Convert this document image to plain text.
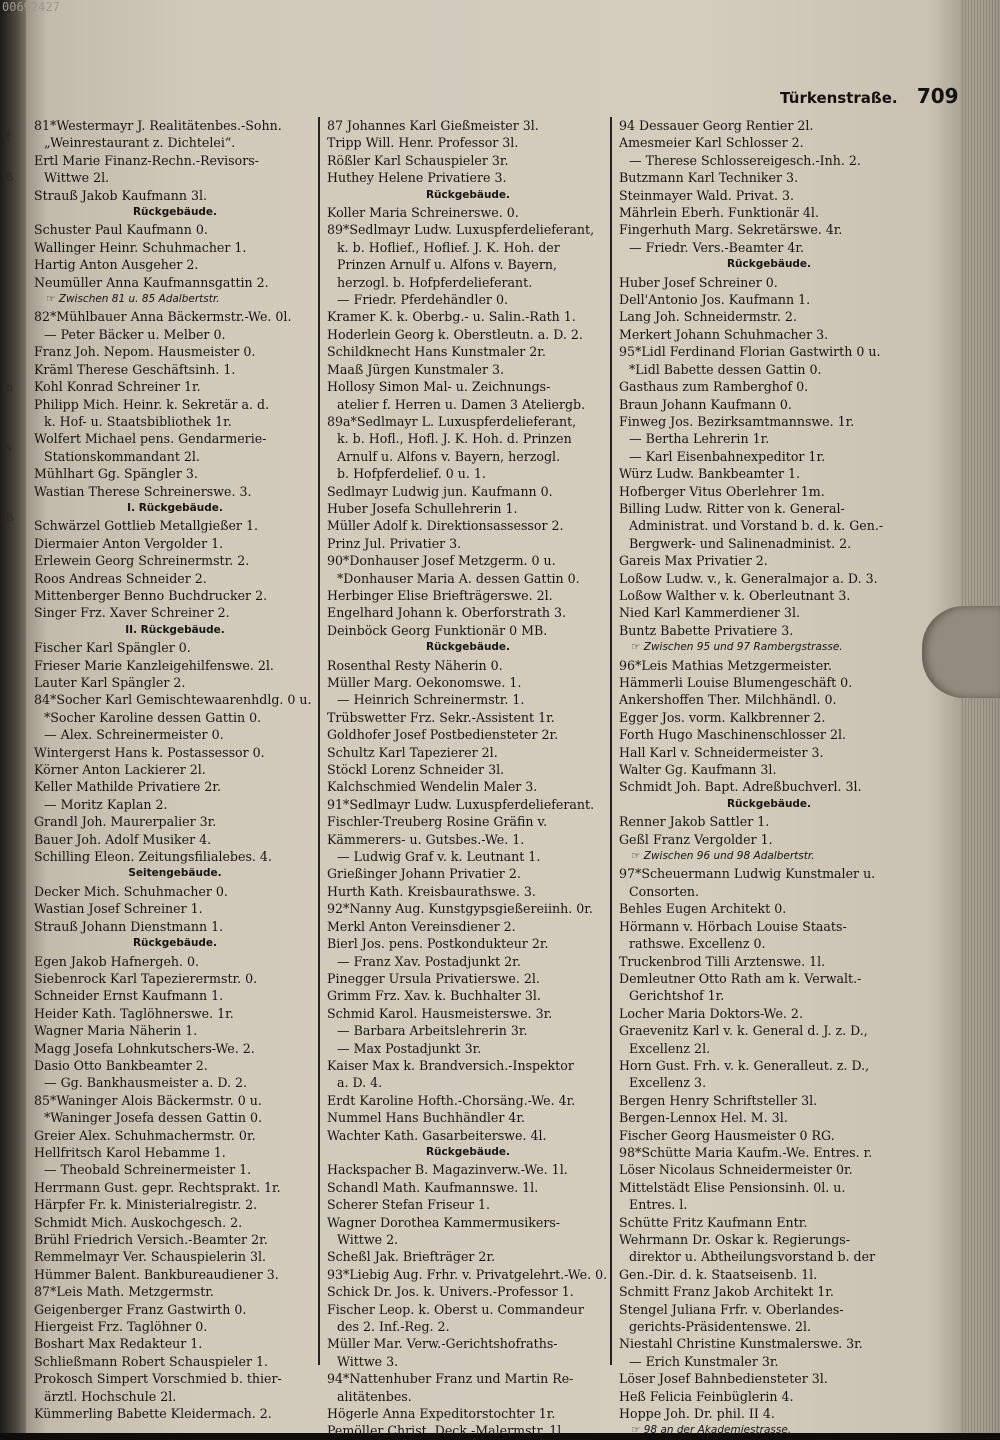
00692427
f
ß
n
s
ß
Türkenstraße. 709
81*Westermayr J. Realitätenbes.-Sohn.
„Weinrestaurant z. Dichtelei“.
Ertl Marie Finanz-Rechn.-Revisors-
Wittwe 2l.
Strauß Jakob Kaufmann 3l.
Rückgebäude.
Schuster Paul Kaufmann 0.
Wallinger Heinr. Schuhmacher 1.
Hartig Anton Ausgeher 2.
Neumüller Anna Kaufmannsgattin 2.
☞ Zwischen 81 u. 85 Adalbertstr.
82*Mühlbauer Anna Bäckermstr.-We. 0l.
— Peter Bäcker u. Melber 0.
Franz Joh. Nepom. Hausmeister 0.
Kräml Therese Geschäftsinh. 1.
Kohl Konrad Schreiner 1r.
Philipp Mich. Heinr. k. Sekretär a. d.
k. Hof- u. Staatsbibliothek 1r.
Wolfert Michael pens. Gendarmerie-
Stationskommandant 2l.
Mühlhart Gg. Spängler 3.
Wastian Therese Schreinerswe. 3.
I. Rückgebäude.
Schwärzel Gottlieb Metallgießer 1.
Diermaier Anton Vergolder 1.
Erlewein Georg Schreinermstr. 2.
Roos Andreas Schneider 2.
Mittenberger Benno Buchdrucker 2.
Singer Frz. Xaver Schreiner 2.
II. Rückgebäude.
Fischer Karl Spängler 0.
Frieser Marie Kanzleigehilfenswe. 2l.
Lauter Karl Spängler 2.
84*Socher Karl Gemischtewaarenhdlg. 0 u.
*Socher Karoline dessen Gattin 0.
— Alex. Schreinermeister 0.
Wintergerst Hans k. Postassessor 0.
Körner Anton Lackierer 2l.
Keller Mathilde Privatiere 2r.
— Moritz Kaplan 2.
Grandl Joh. Maurerpalier 3r.
Bauer Joh. Adolf Musiker 4.
Schilling Eleon. Zeitungsfilialebes. 4.
Seitengebäude.
Decker Mich. Schuhmacher 0.
Wastian Josef Schreiner 1.
Strauß Johann Dienstmann 1.
Rückgebäude.
Egen Jakob Hafnergeh. 0.
Siebenrock Karl Tapezierermstr. 0.
Schneider Ernst Kaufmann 1.
Heider Kath. Taglöhnerswe. 1r.
Wagner Maria Näherin 1.
Magg Josefa Lohnkutschers-We. 2.
Dasio Otto Bankbeamter 2.
— Gg. Bankhausmeister a. D. 2.
85*Waninger Alois Bäckermstr. 0 u.
*Waninger Josefa dessen Gattin 0.
Greier Alex. Schuhmachermstr. 0r.
Hellfritsch Karol Hebamme 1.
— Theobald Schreinermeister 1.
Herrmann Gust. gepr. Rechtsprakt. 1r.
Härpfer Fr. k. Ministerialregistr. 2.
Schmidt Mich. Auskochgesch. 2.
Brühl Friedrich Versich.-Beamter 2r.
Remmelmayr Ver. Schauspielerin 3l.
Hümmer Balent. Bankbureaudiener 3.
87*Leis Math. Metzgermstr.
Geigenberger Franz Gastwirth 0.
Hiergeist Frz. Taglöhner 0.
Boshart Max Redakteur 1.
Schließmann Robert Schauspieler 1.
Prokosch Simpert Vorschmied b. thier-
ärztl. Hochschule 2l.
Kümmerling Babette Kleidermach. 2.
87 Johannes Karl Gießmeister 3l.
Tripp Will. Henr. Professor 3l.
Rößler Karl Schauspieler 3r.
Huthey Helene Privatiere 3.
Rückgebäude.
Koller Maria Schreinerswe. 0.
89*Sedlmayr Ludw. Luxuspferdelieferant,
k. b. Hoflief., Hoflief. J. K. Hoh. der
Prinzen Arnulf u. Alfons v. Bayern,
herzogl. b. Hofpferdelieferant.
— Friedr. Pferdehändler 0.
Kramer K. k. Oberbg.- u. Salin.-Rath 1.
Hoderlein Georg k. Oberstleutn. a. D. 2.
Schildknecht Hans Kunstmaler 2r.
Maaß Jürgen Kunstmaler 3.
Hollosy Simon Mal- u. Zeichnungs-
atelier f. Herren u. Damen 3 Ateliergb.
89a*Sedlmayr L. Luxuspferdelieferant,
k. b. Hofl., Hofl. J. K. Hoh. d. Prinzen
Arnulf u. Alfons v. Bayern, herzogl.
b. Hofpferdelief. 0 u. 1.
Sedlmayr Ludwig jun. Kaufmann 0.
Huber Josefa Schullehrerin 1.
Müller Adolf k. Direktionsassessor 2.
Prinz Jul. Privatier 3.
90*Donhauser Josef Metzgerm. 0 u.
*Donhauser Maria A. dessen Gattin 0.
Herbinger Elise Briefträgerswe. 2l.
Engelhard Johann k. Oberforstrath 3.
Deinböck Georg Funktionär 0 MB.
Rückgebäude.
Rosenthal Resty Näherin 0.
Müller Marg. Oekonomswe. 1.
— Heinrich Schreinermstr. 1.
Trübswetter Frz. Sekr.-Assistent 1r.
Goldhofer Josef Postbediensteter 2r.
Schultz Karl Tapezierer 2l.
Stöckl Lorenz Schneider 3l.
Kalchschmied Wendelin Maler 3.
91*Sedlmayr Ludw. Luxuspferdelieferant.
Fischler-Treuberg Rosine Gräfin v.
Kämmerers- u. Gutsbes.-We. 1.
— Ludwig Graf v. k. Leutnant 1.
Grießinger Johann Privatier 2.
Hurth Kath. Kreisbaurathswe. 3.
92*Nanny Aug. Kunstgypsgießereiinh. 0r.
Merkl Anton Vereinsdiener 2.
Bierl Jos. pens. Postkondukteur 2r.
— Franz Xav. Postadjunkt 2r.
Pinegger Ursula Privatierswe. 2l.
Grimm Frz. Xav. k. Buchhalter 3l.
Schmid Karol. Hausmeisterswe. 3r.
— Barbara Arbeitslehrerin 3r.
— Max Postadjunkt 3r.
Kaiser Max k. Brandversich.-Inspektor
a. D. 4.
Erdt Karoline Hofth.-Chorsäng.-We. 4r.
Nummel Hans Buchhändler 4r.
Wachter Kath. Gasarbeiterswe. 4l.
Rückgebäude.
Hackspacher B. Magazinverw.-We. 1l.
Schandl Math. Kaufmannswe. 1l.
Scherer Stefan Friseur 1.
Wagner Dorothea Kammermusikers-
Wittwe 2.
Scheßl Jak. Briefträger 2r.
93*Liebig Aug. Frhr. v. Privatgelehrt.-We. 0.
Schick Dr. Jos. k. Univers.-Professor 1.
Fischer Leop. k. Oberst u. Commandeur
des 2. Inf.-Reg. 2.
Müller Mar. Verw.-Gerichtshofraths-
Wittwe 3.
94*Nattenhuber Franz und Martin Re-
alitätenbes.
Högerle Anna Expeditorstochter 1r.
Pemöller Christ. Deck.-Malermstr. 1l.
94 Dessauer Georg Rentier 2l.
Amesmeier Karl Schlosser 2.
— Therese Schlossereigesch.-Inh. 2.
Butzmann Karl Techniker 3.
Steinmayer Wald. Privat. 3.
Mährlein Eberh. Funktionär 4l.
Fingerhuth Marg. Sekretärswe. 4r.
— Friedr. Vers.-Beamter 4r.
Rückgebäude.
Huber Josef Schreiner 0.
Dell'Antonio Jos. Kaufmann 1.
Lang Joh. Schneidermstr. 2.
Merkert Johann Schuhmacher 3.
95*Lidl Ferdinand Florian Gastwirth 0 u.
*Lidl Babette dessen Gattin 0.
Gasthaus zum Ramberghof 0.
Braun Johann Kaufmann 0.
Finweg Jos. Bezirksamtmannswe. 1r.
— Bertha Lehrerin 1r.
— Karl Eisenbahnexpeditor 1r.
Würz Ludw. Bankbeamter 1.
Hofberger Vitus Oberlehrer 1m.
Billing Ludw. Ritter von k. General-
Administrat. und Vorstand b. d. k. Gen.-
Bergwerk- und Salinenadminist. 2.
Gareis Max Privatier 2.
Loßow Ludw. v., k. Generalmajor a. D. 3.
Loßow Walther v. k. Oberleutnant 3.
Nied Karl Kammerdiener 3l.
Buntz Babette Privatiere 3.
☞ Zwischen 95 und 97 Rambergstrasse.
96*Leis Mathias Metzgermeister.
Hämmerli Louise Blumengeschäft 0.
Ankershoffen Ther. Milchhändl. 0.
Egger Jos. vorm. Kalkbrenner 2.
Forth Hugo Maschinenschlosser 2l.
Hall Karl v. Schneidermeister 3.
Walter Gg. Kaufmann 3l.
Schmidt Joh. Bapt. Adreßbuchverl. 3l.
Rückgebäude.
Renner Jakob Sattler 1.
Geßl Franz Vergolder 1.
☞ Zwischen 96 und 98 Adalbertstr.
97*Scheuermann Ludwig Kunstmaler u.
Consorten.
Behles Eugen Architekt 0.
Hörmann v. Hörbach Louise Staats-
rathswe. Excellenz 0.
Truckenbrod Tilli Arztenswe. 1l.
Demleutner Otto Rath am k. Verwalt.-
Gerichtshof 1r.
Locher Maria Doktors-We. 2.
Graevenitz Karl v. k. General d. J. z. D.,
Excellenz 2l.
Horn Gust. Frh. v. k. Generalleut. z. D.,
Excellenz 3.
Bergen Henry Schriftsteller 3l.
Bergen-Lennox Hel. M. 3l.
Fischer Georg Hausmeister 0 RG.
98*Schütte Maria Kaufm.-We. Entres. r.
Löser Nicolaus Schneidermeister 0r.
Mittelstädt Elise Pensionsinh. 0l. u.
Entres. l.
Schütte Fritz Kaufmann Entr.
Wehrmann Dr. Oskar k. Regierungs-
direktor u. Abtheilungsvorstand b. der
Gen.-Dir. d. k. Staatseisenb. 1l.
Schmitt Franz Jakob Architekt 1r.
Stengel Juliana Frfr. v. Oberlandes-
gerichts-Präsidentenswe. 2l.
Niestahl Christine Kunstmalerswe. 3r.
— Erich Kunstmaler 3r.
Löser Josef Bahnbediensteter 3l.
Heß Felicia Feinbüglerin 4.
Hoppe Joh. Dr. phil. II 4.
☞ 98 an der Akademiestrasse.
